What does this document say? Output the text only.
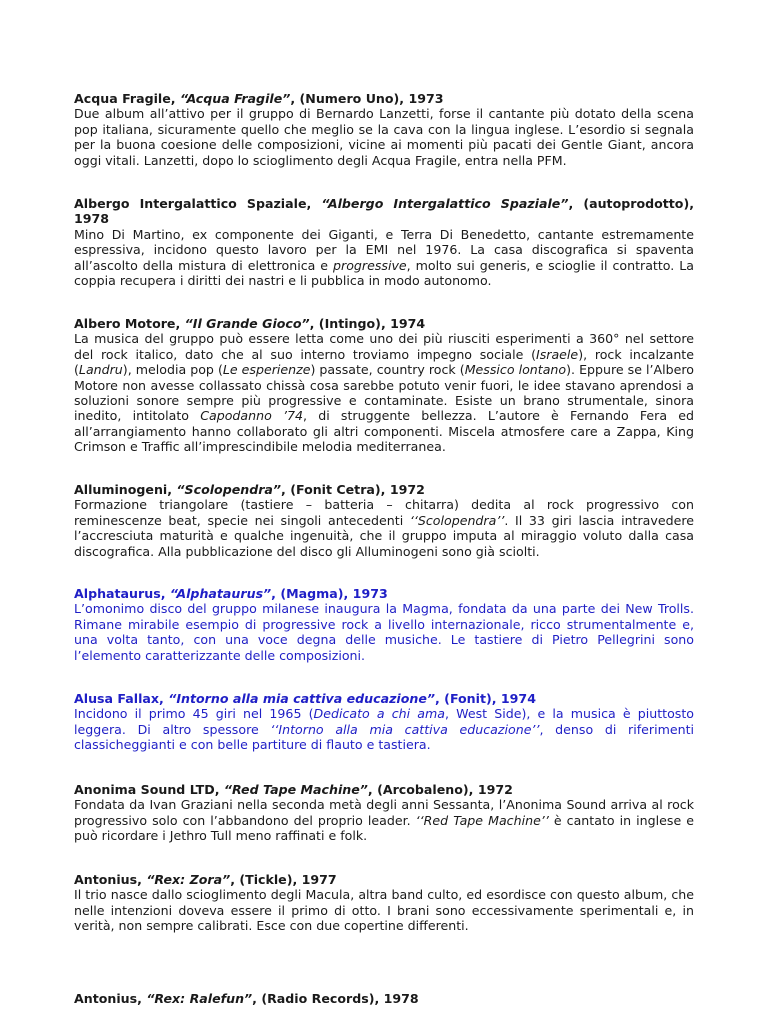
Acqua Fragile, “Acqua Fragile”, (Numero Uno), 1973

Due album all’attivo per il gruppo di Bernardo Lanzetti, forse il cantante più dotato della scena pop italiana, sicuramente quello che meglio se la cava con la lingua inglese. L’esordio si segnala per la buona coesione delle composizioni, vicine ai momenti più pacati dei Gentle Giant, ancora oggi vitali. Lanzetti, dopo lo scioglimento degli Acqua Fragile, entra nella PFM.

Albergo Intergalattico Spaziale, “Albergo Intergalattico Spaziale”, (autoprodotto), 1978

Mino Di Martino, ex componente dei Giganti, e Terra Di Benedetto, cantante estremamente espressiva, incidono questo lavoro per la EMI nel 1976. La casa discografica si spaventa all’ascolto della mistura di elettronica e progressive, molto sui generis, e scioglie il contratto. La coppia recupera i diritti dei nastri e li pubblica in modo autonomo.

Albero Motore, “Il Grande Gioco”, (Intingo), 1974

La musica del gruppo può essere letta come uno dei più riusciti esperimenti a 360° nel settore del rock italico, dato che al suo interno troviamo impegno sociale (Israele), rock incalzante (Landru), melodia pop (Le esperienze) passate, country rock (Messico lontano). Eppure se l’Albero Motore non avesse collassato chissà cosa sarebbe potuto venir fuori, le idee stavano aprendosi a soluzioni sonore sempre più progressive e contaminate. Esiste un brano strumentale, sinora inedito, intitolato Capodanno ’74, di struggente bellezza. L’autore è Fernando Fera ed all’arrangiamento hanno collaborato gli altri componenti. Miscela atmosfere care a Zappa, King Crimson e Traffic all’imprescindibile melodia mediterranea.

Alluminogeni, “Scolopendra”, (Fonit Cetra), 1972

Formazione triangolare (tastiere – batteria – chitarra) dedita al rock progressivo con reminescenze beat, specie nei singoli antecedenti ‘‘Scolopendra’’. Il 33 giri lascia intravedere l’accresciuta maturità e qualche ingenuità, che il gruppo imputa al miraggio voluto dalla casa discografica. Alla pubblicazione del disco gli Alluminogeni sono già sciolti.

Alphataurus, “Alphataurus”, (Magma), 1973

L’omonimo disco del gruppo milanese inaugura la Magma, fondata da una parte dei New Trolls. Rimane mirabile esempio di progressive rock a livello internazionale, ricco strumentalmente e, una volta tanto, con una voce degna delle musiche. Le tastiere di Pietro Pellegrini sono l’elemento caratterizzante delle composizioni.

Alusa Fallax, “Intorno alla mia cattiva educazione”, (Fonit), 1974

Incidono il primo 45 giri nel 1965 (Dedicato a chi ama, West Side), e la musica è piuttosto leggera. Di altro spessore ‘‘Intorno alla mia cattiva educazione’’, denso di riferimenti classicheggianti e con belle partiture di flauto e tastiera.

Anonima Sound LTD, “Red Tape Machine”, (Arcobaleno), 1972

Fondata da Ivan Graziani nella seconda metà degli anni Sessanta, l’Anonima Sound arriva al rock progressivo solo con l’abbandono del proprio leader. ‘‘Red Tape Machine’’ è cantato in inglese e può ricordare i Jethro Tull meno raffinati e folk.

Antonius, “Rex: Zora”, (Tickle), 1977

Il trio nasce dallo scioglimento degli Macula, altra band culto, ed esordisce con questo album, che nelle intenzioni doveva essere il primo di otto. I brani sono eccessivamente sperimentali e, in verità, non sempre calibrati. Esce con due copertine differenti.

Antonius, “Rex: Ralefun”, (Radio Records), 1978
